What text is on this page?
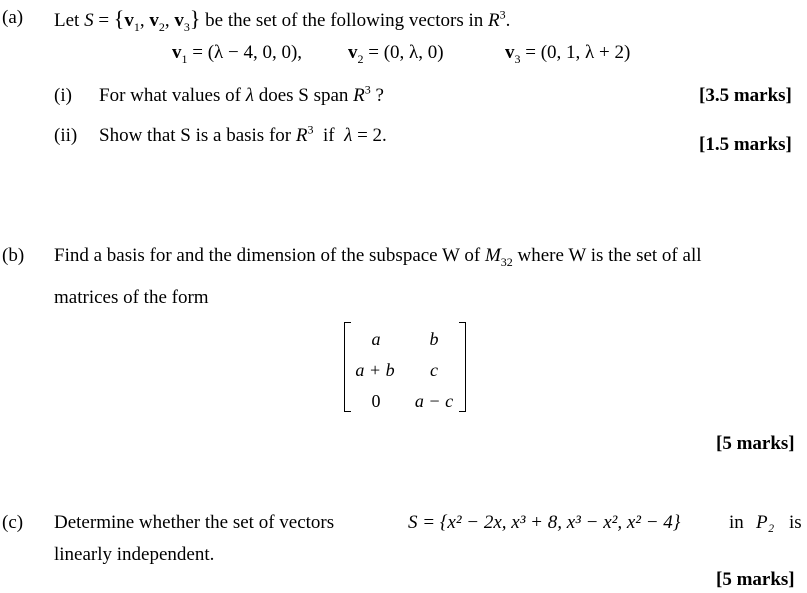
(a) Let $S = \{v_1$, $v_2$, $v_3$} be the set of the following vectors in $R^3$.
$v_1 = (\lambda - 4$, 0, 0), $v_2 = (0$, λ, 0)	$v_3 = (0$, 1, λ + 2)
(i) For what values of λ does S span $R^3$ ?	[3.5 marks]
(ii) Show that S is a basis for $R^3$ if λ = 2.	[1.5 marks]
(b) Find a basis for and the dimension of the subspace W of $M_{32}$ where W is the set of all
matrices of the form
a	b
a + b	c
0	a − c
[5 marks]
(c) Determine whether the set of vectors	S = {x² − 2x, x³ + 8, x³ − x², x² − 4}	in P₂ is
linearly independent.
[5 marks]
